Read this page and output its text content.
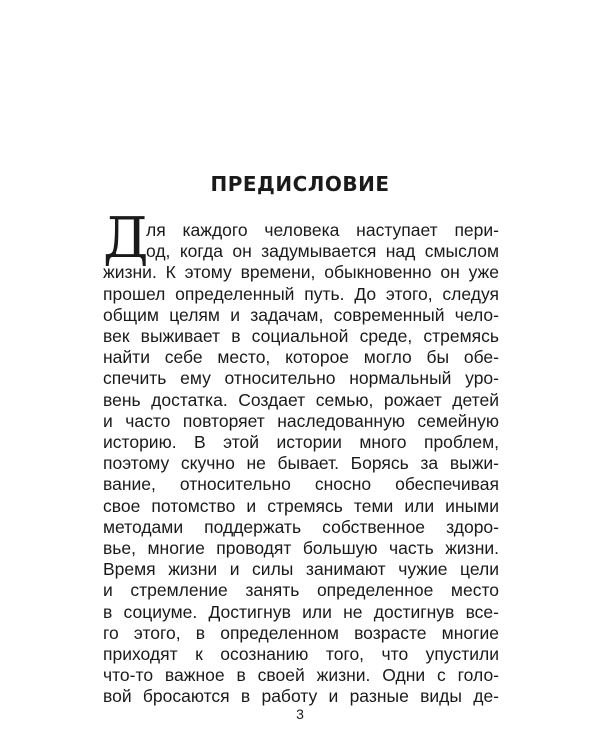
ПРЕДИСЛОВИЕ
Д
ля каждого человека наступает пери-
од, когда он задумывается над смыслом
жизни. К этому времени, обыкновенно он уже
прошел определенный путь. До этого, следуя
общим целям и задачам, современный чело-
век выживает в социальной среде, стремясь
найти себе место, которое могло бы обе-
спечить ему относительно нормальный уро-
вень достатка. Создает семью, рожает детей
и часто повторяет наследованную семейную
историю. В этой истории много проблем,
поэтому скучно не бывает. Борясь за выжи-
вание, относительно сносно обеспечивая
свое потомство и стремясь теми или иными
методами поддержать собственное здоро-
вье, многие проводят большую часть жизни.
Время жизни и силы занимают чужие цели
и стремление занять определенное место
в социуме. Достигнув или не достигнув все-
го этого, в определенном возрасте многие
приходят к осознанию того, что упустили
3
что-то важное в своей жизни. Одни с голо-
вой бросаются в работу и разные виды де-
